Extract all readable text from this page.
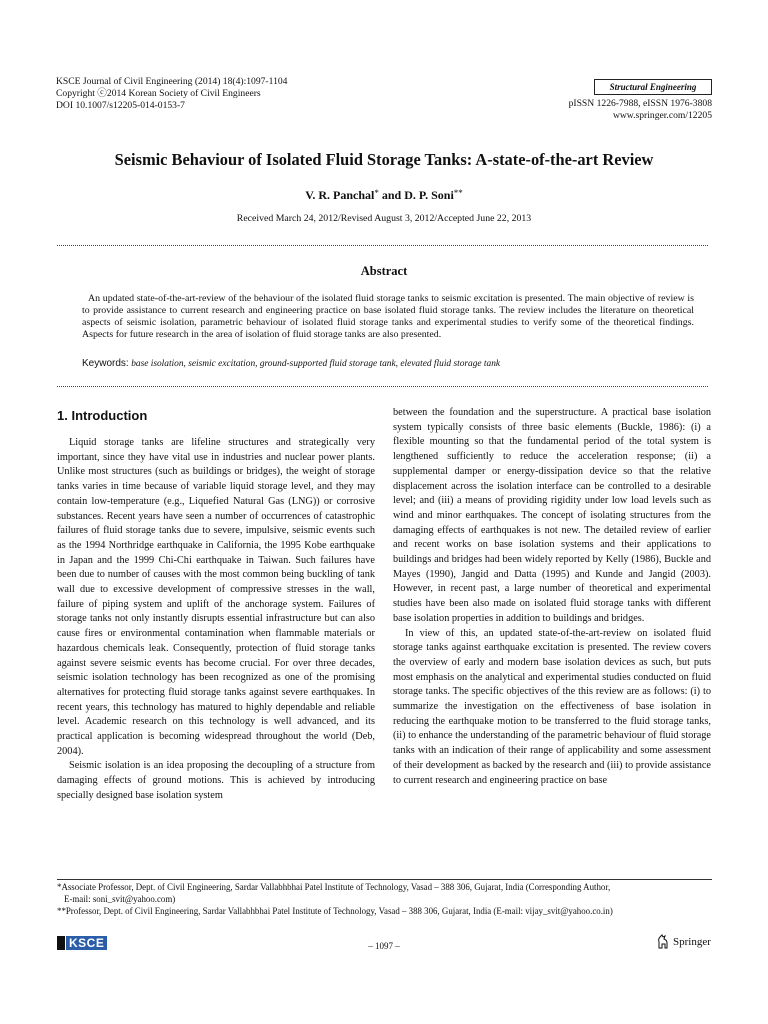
KSCE Journal of Civil Engineering (2014) 18(4):1097-1104
Copyright ⓒ2014 Korean Society of Civil Engineers
DOI 10.1007/s12205-014-0153-7
Structural Engineering
pISSN 1226-7988, eISSN 1976-3808
www.springer.com/12205
Seismic Behaviour of Isolated Fluid Storage Tanks: A-state-of-the-art Review
V. R. Panchal* and D. P. Soni**
Received March 24, 2012/Revised August 3, 2012/Accepted June 22, 2013
Abstract
An updated state-of-the-art-review of the behaviour of the isolated fluid storage tanks to seismic excitation is presented. The main objective of review is to provide assistance to current research and engineering practice on base isolated fluid storage tanks. The review includes the literature on theoretical aspects of seismic isolation, parametric behaviour of isolated fluid storage tanks and experimental studies to verify some of the theoretical findings. Aspects for future research in the area of isolation of fluid storage tanks are also presented.
Keywords: base isolation, seismic excitation, ground-supported fluid storage tank, elevated fluid storage tank
1. Introduction

Liquid storage tanks are lifeline structures and strategically very important, since they have vital use in industries and nuclear power plants. Unlike most structures (such as buildings or bridges), the weight of storage tanks varies in time because of variable liquid storage level, and they may contain low-temperature (e.g., Liquefied Natural Gas (LNG)) or corrosive substances. Recent years have seen a number of occurrences of catastrophic failures of fluid storage tanks due to severe, impulsive, seismic events such as the 1994 Northridge earthquake in California, the 1995 Kobe earthquake in Japan and the 1999 Chi-Chi earthquake in Taiwan. Such failures have been due to number of causes with the most common being buckling of tank wall due to excessive development of compressive stresses in the wall, failure of piping system and uplift of the anchorage system. Failures of storage tanks not only instantly disrupts essential infrastructure but can also cause fires or environmental contamination when flammable materials or hazardous chemicals leak. Consequently, protection of fluid storage tanks against severe seismic events has become crucial. For over three decades, seismic isolation technology has been recognized as one of the promising alternatives for protecting fluid storage tanks against severe earthquakes. In recent years, this technology has matured to highly dependable and reliable level. Academic research on this technology is well advanced, and its practical application is becoming widespread throughout the world (Deb, 2004).

Seismic isolation is an idea proposing the decoupling of a structure from damaging effects of ground motions. This is achieved by introducing specially designed base isolation system

between the foundation and the superstructure. A practical base isolation system typically consists of three basic elements (Buckle, 1986): (i) a flexible mounting so that the fundamental period of the total system is lengthened sufficiently to reduce the acceleration response; (ii) a supplemental damper or energy-dissipation device so that the relative displacement across the isolation interface can be controlled to a desirable level; and (iii) a means of providing rigidity under low load levels such as wind and minor earthquakes. The concept of isolating structures from the damaging effects of earthquakes is not new. The detailed review of earlier and recent works on base isolation systems and their applications to buildings and bridges had been widely reported by Kelly (1986), Buckle and Mayes (1990), Jangid and Datta (1995) and Kunde and Jangid (2003). However, in recent past, a large number of theoretical and experimental studies have been also made on isolated fluid storage tanks with different base isolation properties in addition to buildings and bridges.

In view of this, an updated state-of-the-art-review on isolated fluid storage tanks against earthquake excitation is presented. The review covers the overview of early and modern base isolation devices as such, but puts most emphasis on the analytical and experimental studies conducted on fluid storage tanks. The specific objectives of the this review are as follows: (i) to summarize the investigation on the effectiveness of base isolation in reducing the earthquake motion to be transferred to the fluid storage tanks, (ii) to enhance the understanding of the parametric behaviour of fluid storage tanks with an indication of their range of applicability and some assessment of their development as backed by the research and (iii) to provide assistance to current research and engineering practice on base

*Associate Professor, Dept. of Civil Engineering, Sardar Vallabhbhai Patel Institute of Technology, Vasad – 388 306, Gujarat, India (Corresponding Author,
E-mail: soni_svit@yahoo.com)
**Professor, Dept. of Civil Engineering, Sardar Vallabhbhai Patel Institute of Technology, Vasad – 388 306, Gujarat, India (E-mail: vijay_svit@yahoo.co.in)
KSCE	– 1097 –	Springer
